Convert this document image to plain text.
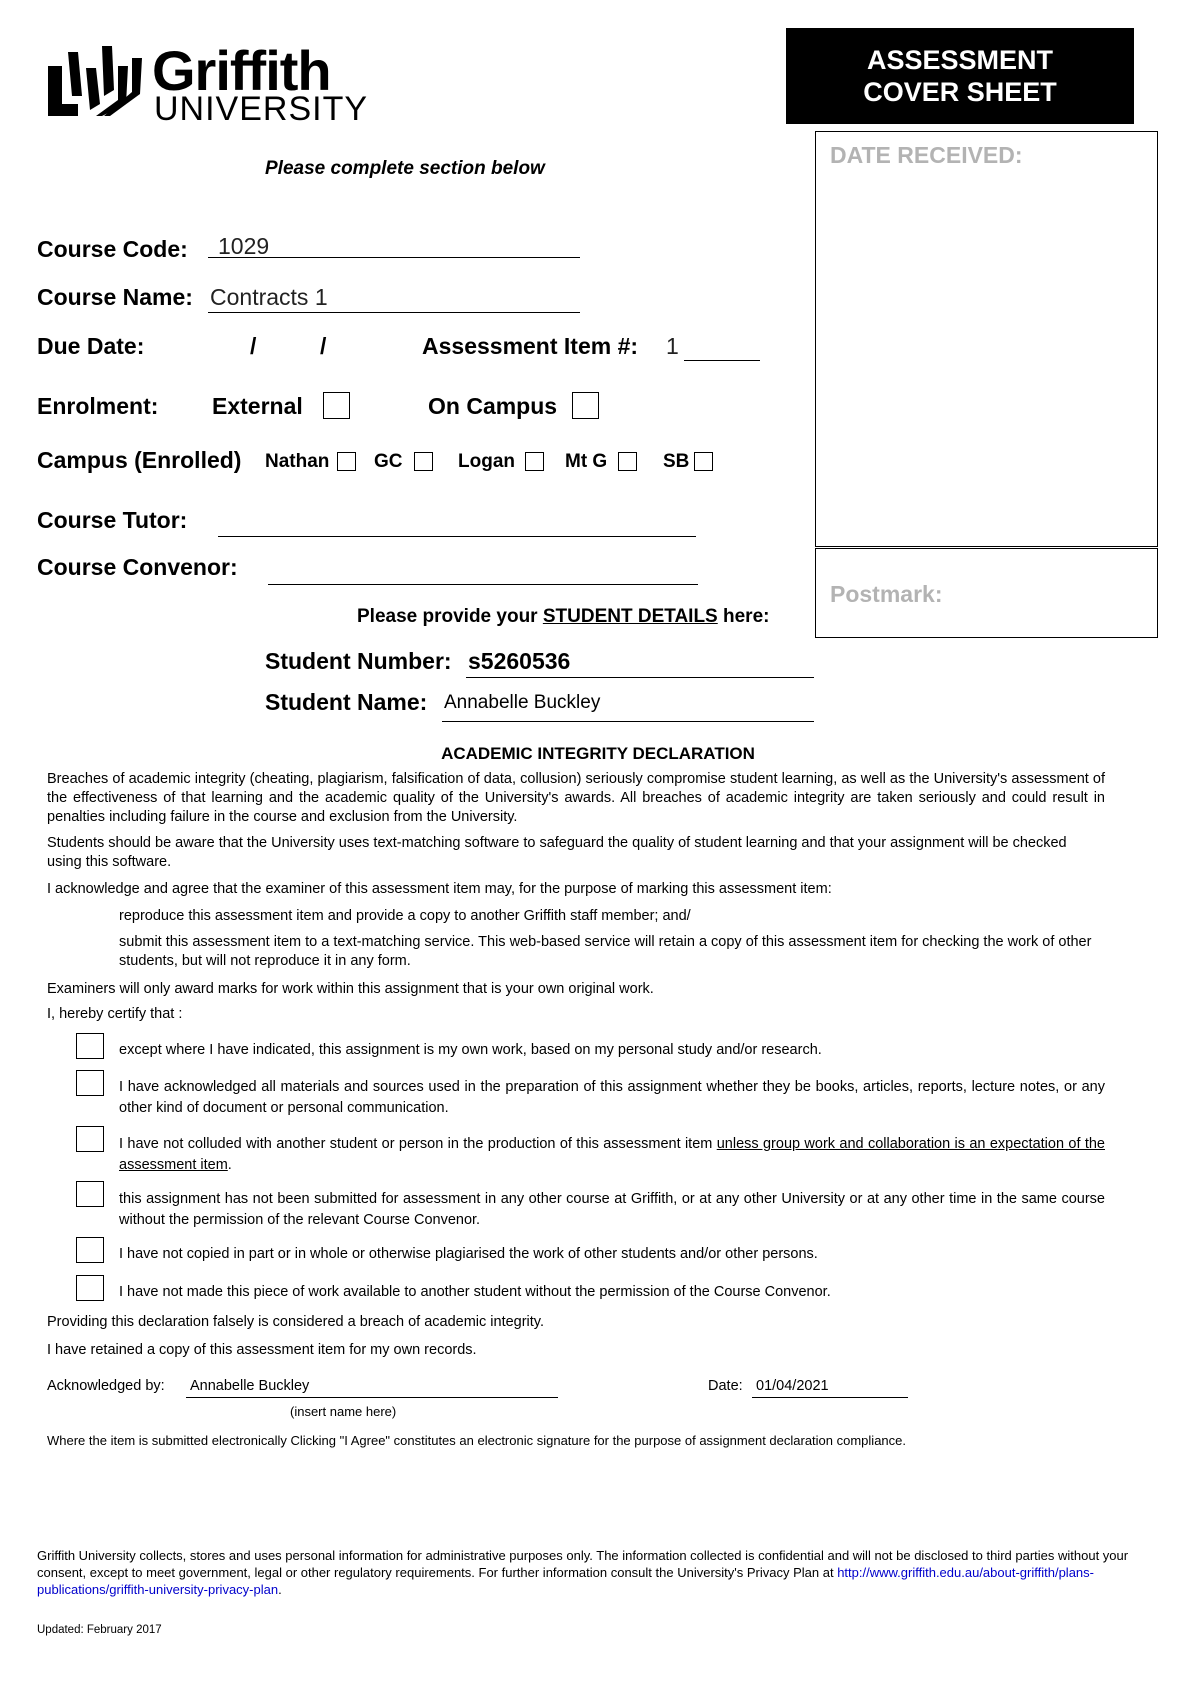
Griffith
UNIVERSITY
ASSESSMENT
COVER SHEET
DATE RECEIVED:
Postmark:
Please complete section below
Course Code: 1029
Course Name: Contracts 1
Due Date:	/	/	Assessment Item #: 1
Enrolment: External	On Campus
Campus (Enrolled) Nathan GC	Logan	Mt G	SB
Course Tutor:
Course Convenor:
Please provide your STUDENT DETAILS here:
Student Number: s5260536
Student Name: Annabelle Buckley
ACADEMIC INTEGRITY DECLARATION
Breaches of academic integrity (cheating, plagiarism, falsification of data, collusion) seriously compromise student learning, as well as the University's assessment of the effectiveness of that learning and the academic quality of the University's awards. All breaches of academic integrity are taken seriously and could result in penalties including failure in the course and exclusion from the University.
Students should be aware that the University uses text-matching software to safeguard the quality of student learning and that your assignment will be checked using this software.
I acknowledge and agree that the examiner of this assessment item may, for the purpose of marking this assessment item:
reproduce this assessment item and provide a copy to another Griffith staff member; and/
submit this assessment item to a text-matching service. This web-based service will retain a copy of this assessment item for checking the work of other students, but will not reproduce it in any form.
Examiners will only award marks for work within this assignment that is your own original work.
I, hereby certify that :
except where I have indicated, this assignment is my own work, based on my personal study and/or research.
I have acknowledged all materials and sources used in the preparation of this assignment whether they be books, articles, reports, lecture notes, or any other kind of document or personal communication.
I have not colluded with another student or person in the production of this assessment item unless group work and collaboration is an expectation of the assessment item.
this assignment has not been submitted for assessment in any other course at Griffith, or at any other University or at any other time in the same course without the permission of the relevant Course Convenor.
I have not copied in part or in whole or otherwise plagiarised the work of other students and/or other persons.
I have not made this piece of work available to another student without the permission of the Course Convenor.
Providing this declaration falsely is considered a breach of academic integrity.
I have retained a copy of this assessment item for my own records.
Acknowledged by: Annabelle Buckley
(insert name here)
Date: 01/04/2021
Where the item is submitted electronically Clicking "I Agree" constitutes an electronic signature for the purpose of assignment declaration compliance.
Griffith University collects, stores and uses personal information for administrative purposes only. The information collected is confidential and will not be disclosed to third parties without your consent, except to meet government, legal or other regulatory requirements. For further information consult the University's Privacy Plan at http://www.griffith.edu.au/about-griffith/plans-publications/griffith-university-privacy-plan.
Updated: February 2017
